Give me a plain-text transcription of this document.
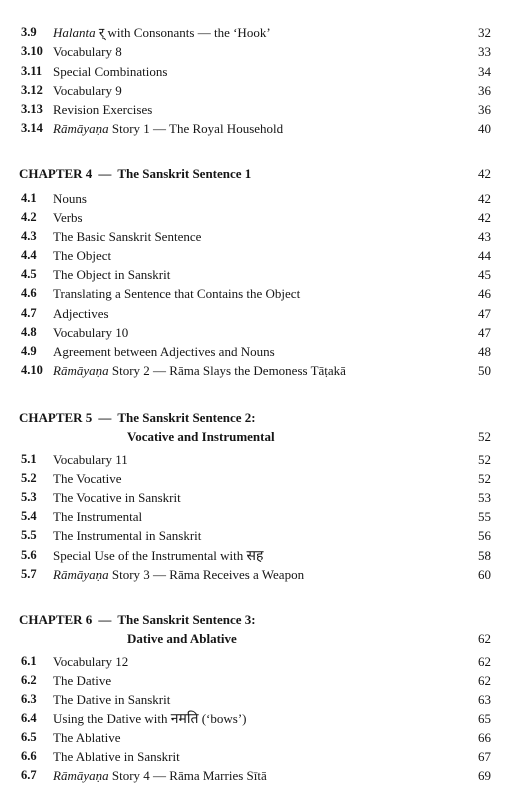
3.9 Halanta र् with Consonants — the ‘Hook’	32
3.10 Vocabulary 8	33
3.11 Special Combinations	34
3.12 Vocabulary 9	36
3.13 Revision Exercises	36
3.14 Rāmāyaṇa Story 1 — The Royal Household	40
CHAPTER 4 — The Sanskrit Sentence 1	42
4.1 Nouns	42
4.2 Verbs	42
4.3 The Basic Sanskrit Sentence	43
4.4 The Object	44
4.5 The Object in Sanskrit	45
4.6 Translating a Sentence that Contains the Object	46
4.7 Adjectives	47
4.8 Vocabulary 10	47
4.9 Agreement between Adjectives and Nouns	48
4.10 Rāmāyaṇa Story 2 — Rāma Slays the Demoness Tāṭakā	50
CHAPTER 5 — The Sanskrit Sentence 2:
Vocative and Instrumental	52
5.1 Vocabulary 11	52
5.2 The Vocative	52
5.3 The Vocative in Sanskrit	53
5.4 The Instrumental	55
5.5 The Instrumental in Sanskrit	56
5.6 Special Use of the Instrumental with सह	58
5.7 Rāmāyaṇa Story 3 — Rāma Receives a Weapon	60
CHAPTER 6 — The Sanskrit Sentence 3:
Dative and Ablative	62
6.1 Vocabulary 12	62
6.2 The Dative	62
6.3 The Dative in Sanskrit	63
6.4 Using the Dative with नमति (‘bows’)	65
6.5 The Ablative	66
6.6 The Ablative in Sanskrit	67
6.7 Rāmāyaṇa Story 4 — Rāma Marries Sītā	69
